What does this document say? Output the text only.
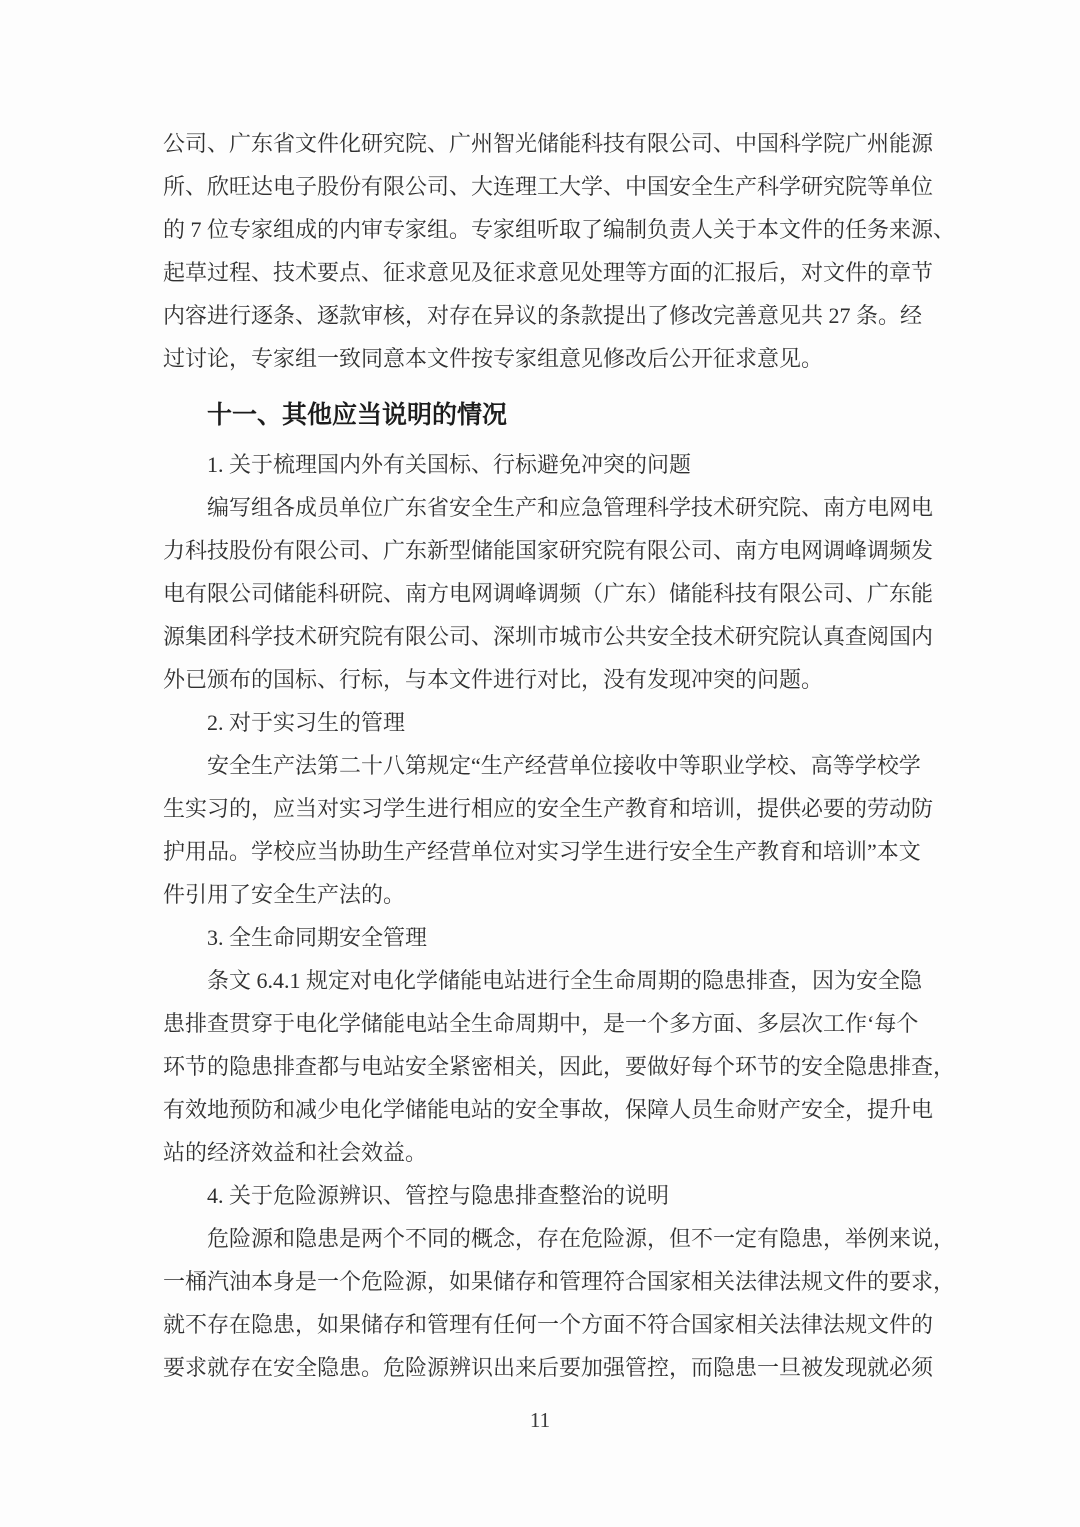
公司、广东省文件化研究院、广州智光储能科技有限公司、中国科学院广州能源

所、欣旺达电子股份有限公司、大连理工大学、中国安全生产科学研究院等单位

的 7 位专家组成的内审专家组。专家组听取了编制负责人关于本文件的任务来源、

起草过程、技术要点、征求意见及征求意见处理等方面的汇报后，对文件的章节

内容进行逐条、逐款审核，对存在异议的条款提出了修改完善意见共 27 条。经

过讨论，专家组一致同意本文件按专家组意见修改后公开征求意见。

十一、其他应当说明的情况

1. 关于梳理国内外有关国标、行标避免冲突的问题

编写组各成员单位广东省安全生产和应急管理科学技术研究院、南方电网电

力科技股份有限公司、广东新型储能国家研究院有限公司、南方电网调峰调频发

电有限公司储能科研院、南方电网调峰调频（广东）储能科技有限公司、广东能

源集团科学技术研究院有限公司、深圳市城市公共安全技术研究院认真查阅国内

外已颁布的国标、行标，与本文件进行对比，没有发现冲突的问题。

2. 对于实习生的管理

安全生产法第二十八第规定“生产经营单位接收中等职业学校、高等学校学

生实习的，应当对实习学生进行相应的安全生产教育和培训，提供必要的劳动防

护用品。学校应当协助生产经营单位对实习学生进行安全生产教育和培训”本文

件引用了安全生产法的。

3. 全生命同期安全管理

条文 6.4.1 规定对电化学储能电站进行全生命周期的隐患排查，因为安全隐

患排查贯穿于电化学储能电站全生命周期中，是一个多方面、多层次工作‘每个

环节的隐患排查都与电站安全紧密相关，因此，要做好每个环节的安全隐患排查，

有效地预防和减少电化学储能电站的安全事故，保障人员生命财产安全，提升电

站的经济效益和社会效益。

4. 关于危险源辨识、管控与隐患排查整治的说明

危险源和隐患是两个不同的概念，存在危险源，但不一定有隐患，举例来说，

一桶汽油本身是一个危险源，如果储存和管理符合国家相关法律法规文件的要求，

就不存在隐患，如果储存和管理有任何一个方面不符合国家相关法律法规文件的

要求就存在安全隐患。危险源辨识出来后要加强管控，而隐患一旦被发现就必须

11
